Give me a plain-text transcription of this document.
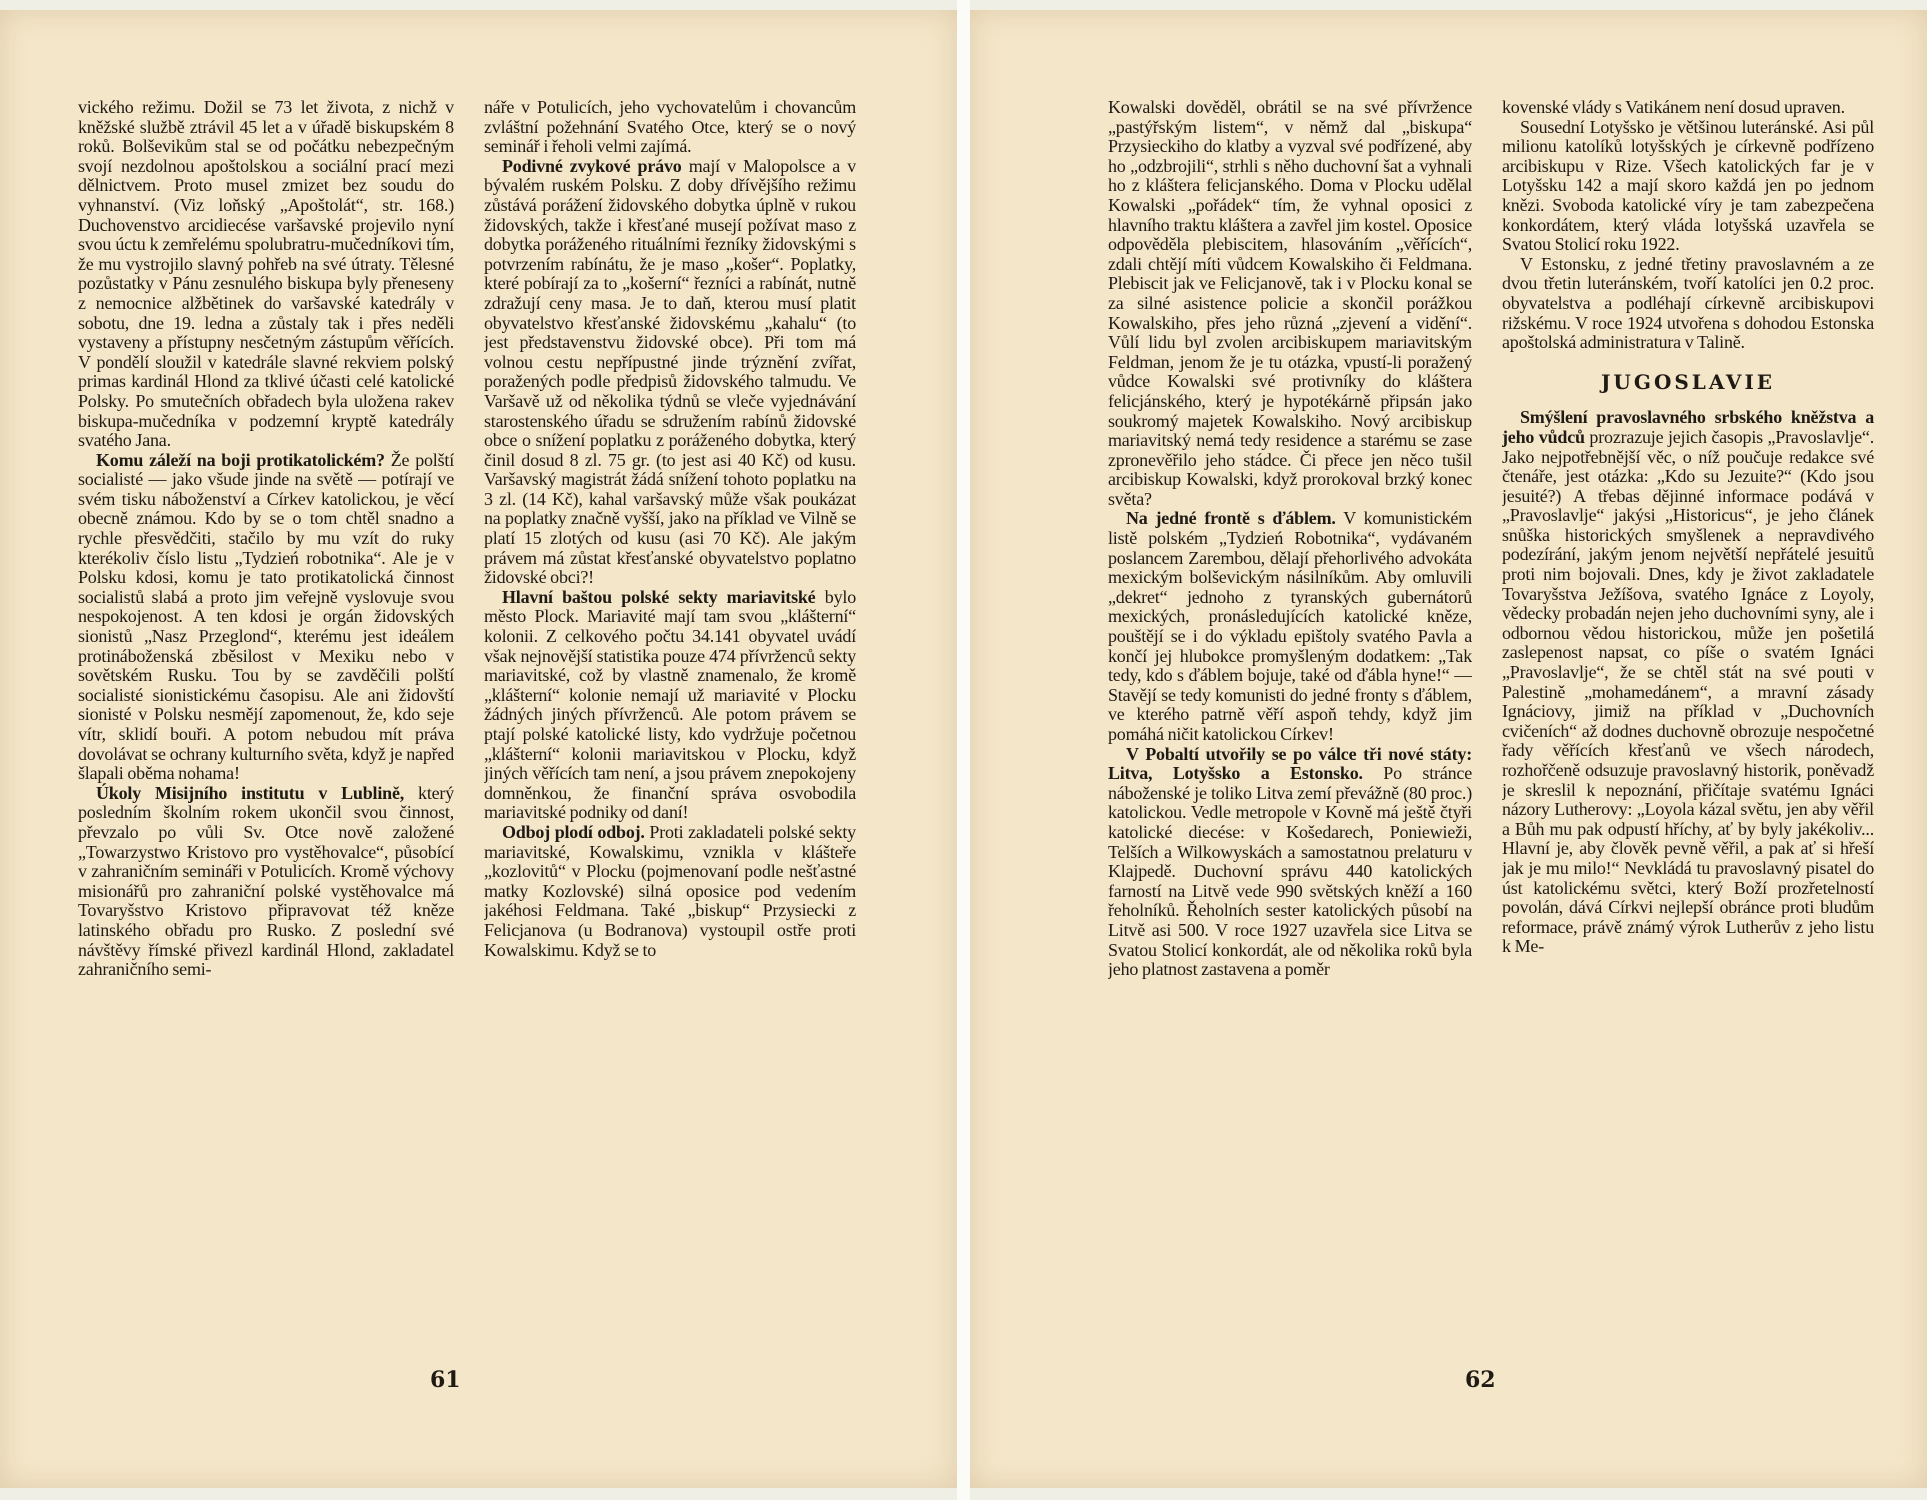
vického režimu. Dožil se 73 let života, z nichž v kněžské službě ztrávil 45 let a v úřadě biskupském 8 roků. Bolševikům stal se od počátku nebezpečným svojí nezdolnou apoštolskou a sociální prací mezi dělnictvem. Proto musel zmizet bez soudu do vyhnanství. (Viz loňský „Apoštolát“, str. 168.) Duchovenstvo arcidiecése varšavské projevilo nyní svou úctu k zemřelému spolubratru-mučedníkovi tím, že mu vystrojilo slavný pohřeb na své útraty. Tělesné pozůstatky v Pánu zesnulého biskupa byly přeneseny z nemocnice alžbětinek do varšavské katedrály v sobotu, dne 19. ledna a zůstaly tak i přes neděli vystaveny a přístupny nesčetným zástupům věřících. V pondělí sloužil v katedrále slavné rekviem polský primas kardinál Hlond za tklivé účasti celé katolické Polsky. Po smutečních obřadech byla uložena rakev biskupa-mučedníka v podzemní kryptě katedrály svatého Jana.

Komu záleží na boji protikatolickém? Že polští socialisté — jako všude jinde na světě — potírají ve svém tisku náboženství a Církev katolickou, je věcí obecně známou. Kdo by se o tom chtěl snadno a rychle přesvědčiti, stačilo by mu vzít do ruky kterékoliv číslo listu „Tydzień robotnika“. Ale je v Polsku kdosi, komu je tato protikatolická činnost socialistů slabá a proto jim veřejně vyslovuje svou nespokojenost. A ten kdosi je orgán židovských sionistů „Nasz Przeglond“, kterému jest ideálem protináboženská zběsilost v Mexiku nebo v sovětském Rusku. Tou by se zavděčili polští socialisté sionistickému časopisu. Ale ani židovští sionisté v Polsku nesmějí zapomenout, že, kdo seje vítr, sklidí bouři. A potom nebudou mít práva dovolávat se ochrany kulturního světa, když je napřed šlapali oběma nohama!

Úkoly Misijního institutu v Lublině, který posledním školním rokem ukončil svou činnost, převzalo po vůli Sv. Otce nově založené „Towarzystwo Kristovo pro vystěhovalce“, působící v zahraničním semináři v Potulicích. Kromě výchovy misionářů pro zahraniční polské vystěhovalce má Tovaryšstvo Kristovo připravovat též kněze latinského obřadu pro Rusko. Z poslední své návštěvy římské přivezl kardinál Hlond, zakladatel zahraničního semi-

náře v Potulicích, jeho vychovatelům i chovancům zvláštní požehnání Svatého Otce, který se o nový seminář i řeholi velmi zajímá.

Podivné zvykové právo mají v Malopolsce a v bývalém ruském Polsku. Z doby dřívějšího režimu zůstává porážení židovského dobytka úplně v rukou židovských, takže i křesťané musejí požívat maso z dobytka poráženého rituálními řezníky židovskými s potvrzením rabínátu, že je maso „košer“. Poplatky, které pobírají za to „košerní“ řezníci a rabínát, nutně zdražují ceny masa. Je to daň, kterou musí platit obyvatelstvo křesťanské židovskému „kahalu“ (to jest představenstvu židovské obce). Při tom má volnou cestu nepřípustné jinde trýznění zvířat, poražených podle předpisů židovského talmudu. Ve Varšavě už od několika týdnů se vleče vyjednávání starostenského úřadu se sdružením rabínů židovské obce o snížení poplatku z poráženého dobytka, který činil dosud 8 zl. 75 gr. (to jest asi 40 Kč) od kusu. Varšavský magistrát žádá snížení tohoto poplatku na 3 zl. (14 Kč), kahal varšavský může však poukázat na poplatky značně vyšší, jako na příklad ve Vilně se platí 15 zlotých od kusu (asi 70 Kč). Ale jakým právem má zůstat křesťanské obyvatelstvo poplatno židovské obci?!

Hlavní baštou polské sekty mariavitské bylo město Plock. Mariavité mají tam svou „klášterní“ kolonii. Z celkového počtu 34.141 obyvatel uvádí však nejnovější statistika pouze 474 přívrženců sekty mariavitské, což by vlastně znamenalo, že kromě „klášterní“ kolonie nemají už mariavité v Plocku žádných jiných přívrženců. Ale potom právem se ptají polské katolické listy, kdo vydržuje početnou „klášterní“ kolonii mariavitskou v Plocku, když jiných věřících tam není, a jsou právem znepokojeny domněnkou, že finanční správa osvobodila mariavitské podniky od daní!

Odboj plodí odboj. Proti zakladateli polské sekty mariavitské, Kowalskimu, vznikla v klášteře „kozlovitů“ v Plocku (pojmenovaní podle nešťastné matky Kozlovské) silná oposice pod vedením jakéhosi Feldmana. Také „biskup“ Przysiecki z Felicjanova (u Bodranova) vystoupil ostře proti Kowalskimu. Když se to

61

Kowalski dověděl, obrátil se na své přívržence „pastýřským listem“, v němž dal „biskupa“ Przysieckiho do klatby a vyzval své podřízené, aby ho „odzbrojili“, strhli s něho duchovní šat a vyhnali ho z kláštera felicjanského. Doma v Plocku udělal Kowalski „pořádek“ tím, že vyhnal oposici z hlavního traktu kláštera a zavřel jim kostel. Oposice odpověděla plebiscitem, hlasováním „věřících“, zdali chtějí míti vůdcem Kowalskiho či Feldmana. Plebiscit jak ve Felicjanově, tak i v Plocku konal se za silné asistence policie a skončil porážkou Kowalskiho, přes jeho různá „zjevení a vidění“. Vůlí lidu byl zvolen arcibiskupem mariavitským Feldman, jenom že je tu otázka, vpustí-li poražený vůdce Kowalski své protivníky do kláštera felicjánského, který je hypotékárně připsán jako soukromý majetek Kowalskiho. Nový arcibiskup mariavitský nemá tedy residence a starému se zase zpronevěřilo jeho stádce. Či přece jen něco tušil arcibiskup Kowalski, když prorokoval brzký konec světa?

Na jedné frontě s ďáblem. V komunistickém listě polském „Tydzień Robotnika“, vydávaném poslancem Zarembou, dělají přehorlivého advokáta mexickým bolševickým násilníkům. Aby omluvili „dekret“ jednoho z tyranských gubernátorů mexických, pronásledujících katolické kněze, pouštějí se i do výkladu epištoly svatého Pavla a končí jej hlubokce promyšleným dodatkem: „Tak tedy, kdo s ďáblem bojuje, také od ďábla hyne!“ — Stavějí se tedy komunisti do jedné fronty s ďáblem, ve kterého patrně věří aspoň tehdy, když jim pomáhá ničit katolickou Církev!

V Pobaltí utvořily se po válce tři nové státy: Litva, Lotyšsko a Estonsko. Po stránce náboženské je toliko Litva zemí převážně (80 proc.) katolickou. Vedle metropole v Kovně má ještě čtyři katolické diecése: v Košedarech, Poniewieži, Telších a Wilkowyskách a samostatnou prelaturu v Klajpedě. Duchovní správu 440 katolických farností na Litvě vede 990 světských kněží a 160 řeholníků. Řeholních sester katolických působí na Litvě asi 500. V roce 1927 uzavřela sice Litva se Svatou Stolicí konkordát, ale od několika roků byla jeho platnost zastavena a poměr

kovenské vlády s Vatikánem není dosud upraven.

Sousední Lotyšsko je většinou luteránské. Asi půl milionu katolíků lotyšských je církevně podřízeno arcibiskupu v Rize. Všech katolických far je v Lotyšsku 142 a mají skoro každá jen po jednom knězi. Svoboda katolické víry je tam zabezpečena konkordátem, který vláda lotyšská uzavřela se Svatou Stolicí roku 1922.

V Estonsku, z jedné třetiny pravoslavném a ze dvou třetin luteránském, tvoří katolíci jen 0.2 proc. obyvatelstva a podléhají církevně arcibiskupovi rižskému. V roce 1924 utvořena s dohodou Estonska apoštolská administratura v Talině.

JUGOSLAVIE

Smýšlení pravoslavného srbského kněžstva a jeho vůdců prozrazuje jejich časopis „Pravoslavlje“. Jako nejpotřebnější věc, o níž poučuje redakce své čtenáře, jest otázka: „Kdo su Jezuite?“ (Kdo jsou jesuité?) A třebas dějinné informace podává v „Pravoslavlje“ jakýsi „Historicus“, je jeho článek snůška historických smyšlenek a nepravdivého podezírání, jakým jenom největší nepřátelé jesuitů proti nim bojovali. Dnes, kdy je život zakladatele Tovaryšstva Ježíšova, svatého Ignáce z Loyoly, vědecky probadán nejen jeho duchovními syny, ale i odbornou vědou historickou, může jen pošetilá zaslepenost napsat, co píše o svatém Ignáci „Pravoslavlje“, že se chtěl stát na své pouti v Palestině „mohamedánem“, a mravní zásady Ignáciovy, jimiž na příklad v „Duchovních cvičeních“ až dodnes duchovně obrozuje nespočetné řady věřících křesťanů ve všech národech, rozhořčeně odsuzuje pravoslavný historik, poněvadž je skreslil k nepoznání, přičítaje svatému Ignáci názory Lutherovy: „Loyola kázal světu, jen aby věřil a Bůh mu pak odpustí hříchy, ať by byly jakékoliv... Hlavní je, aby člověk pevně věřil, a pak ať si hřeší jak je mu milo!“ Nevkládá tu pravoslavný pisatel do úst katolickému světci, který Boží prozřetelností povolán, dává Církvi nejlepší obránce proti bludům reformace, právě známý výrok Lutherův z jeho listu k Me-

62
